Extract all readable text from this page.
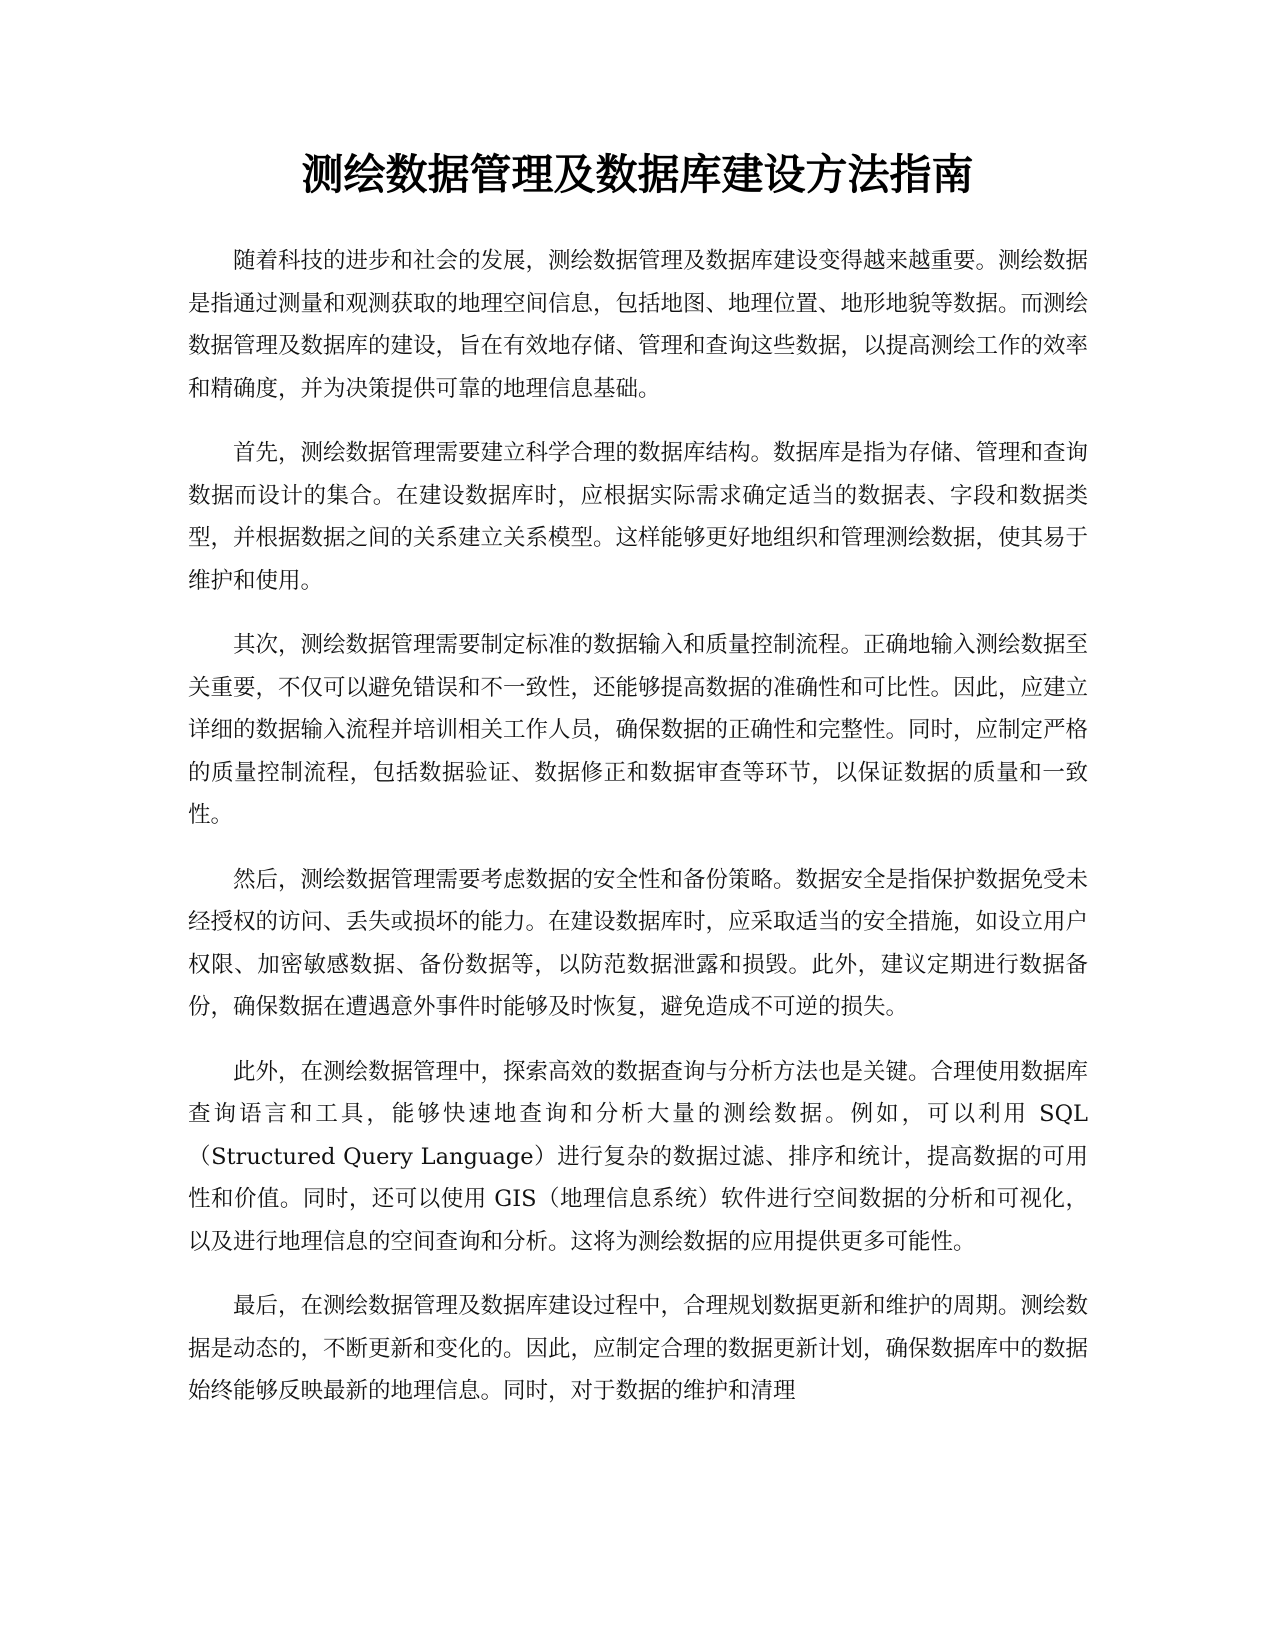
测绘数据管理及数据库建设方法指南

随着科技的进步和社会的发展，测绘数据管理及数据库建设变得越来越重要。测绘数据是指通过测量和观测获取的地理空间信息，包括地图、地理位置、地形地貌等数据。而测绘数据管理及数据库的建设，旨在有效地存储、管理和查询这些数据，以提高测绘工作的效率和精确度，并为决策提供可靠的地理信息基础。

首先，测绘数据管理需要建立科学合理的数据库结构。数据库是指为存储、管理和查询数据而设计的集合。在建设数据库时，应根据实际需求确定适当的数据表、字段和数据类型，并根据数据之间的关系建立关系模型。这样能够更好地组织和管理测绘数据，使其易于维护和使用。

其次，测绘数据管理需要制定标准的数据输入和质量控制流程。正确地输入测绘数据至关重要，不仅可以避免错误和不一致性，还能够提高数据的准确性和可比性。因此，应建立详细的数据输入流程并培训相关工作人员，确保数据的正确性和完整性。同时，应制定严格的质量控制流程，包括数据验证、数据修正和数据审查等环节，以保证数据的质量和一致性。

然后，测绘数据管理需要考虑数据的安全性和备份策略。数据安全是指保护数据免受未经授权的访问、丢失或损坏的能力。在建设数据库时，应采取适当的安全措施，如设立用户权限、加密敏感数据、备份数据等，以防范数据泄露和损毁。此外，建议定期进行数据备份，确保数据在遭遇意外事件时能够及时恢复，避免造成不可逆的损失。

此外，在测绘数据管理中，探索高效的数据查询与分析方法也是关键。合理使用数据库查询语言和工具，能够快速地查询和分析大量的测绘数据。例如，可以利用 SQL（Structured Query Language）进行复杂的数据过滤、排序和统计，提高数据的可用性和价值。同时，还可以使用 GIS（地理信息系统）软件进行空间数据的分析和可视化，以及进行地理信息的空间查询和分析。这将为测绘数据的应用提供更多可能性。

最后，在测绘数据管理及数据库建设过程中，合理规划数据更新和维护的周期。测绘数据是动态的，不断更新和变化的。因此，应制定合理的数据更新计划，确保数据库中的数据始终能够反映最新的地理信息。同时，对于数据的维护和清理
